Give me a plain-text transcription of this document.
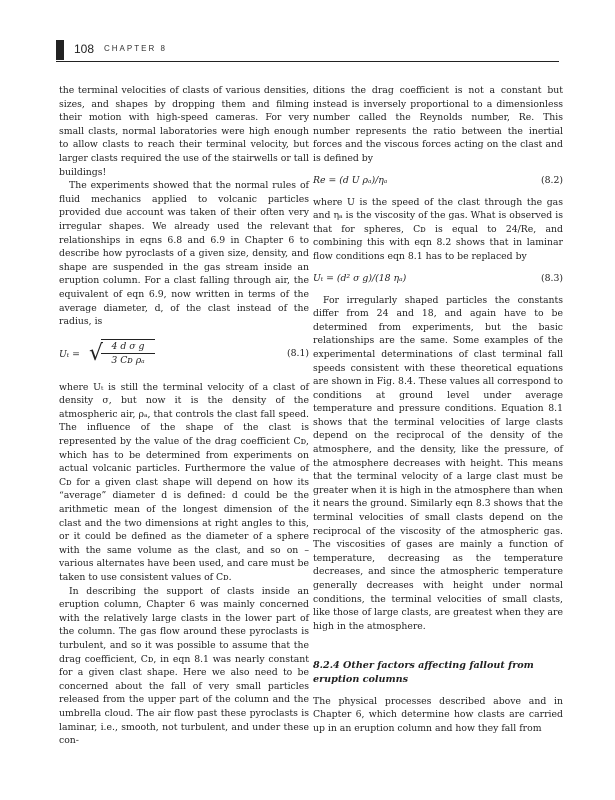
108 CHAPTER 8

the terminal velocities of clasts of various densities, sizes, and shapes by dropping them and filming their motion with high-speed cameras. For very small clasts, normal laboratories were high enough to allow clasts to reach their terminal velocity, but larger clasts required the use of the stairwells or tall buildings!

The experiments showed that the normal rules of fluid mechanics applied to volcanic particles provided due account was taken of their often very irregular shapes. We already used the relevant relationships in eqns 6.8 and 6.9 in Chapter 6 to describe how pyroclasts of a given size, density, and shape are suspended in the gas stream inside an eruption column. For a clast falling through air, the equivalent of eqn 6.9, now written in terms of the average diameter, d, of the clast instead of the radius, is

Uₜ = √
$\frac{\text{4 d σ g}}{\text{3 Cᴅ ρₐ}}$	(8.1)

where Uₜ is still the terminal velocity of a clast of density σ, but now it is the density of the atmospheric air, ρₐ, that controls the clast fall speed. The influence of the shape of the clast is represented by the value of the drag coefficient Cᴅ, which has to be determined from experiments on actual volcanic particles. Furthermore the value of Cᴅ for a given clast shape will depend on how its “average” diameter d is defined: d could be the arithmetic mean of the longest dimension of the clast and the two dimensions at right angles to this, or it could be defined as the diameter of a sphere with the same volume as the clast, and so on – various alternates have been used, and care must be taken to use consistent values of Cᴅ.

In describing the support of clasts inside an eruption column, Chapter 6 was mainly concerned with the relatively large clasts in the lower part of the column. The gas flow around these pyroclasts is turbulent, and so it was possible to assume that the drag coefficient, Cᴅ, in eqn 8.1 was nearly constant for a given clast shape. Here we also need to be concerned about the fall of very small particles released from the upper part of the column and the umbrella cloud. The air flow past these pyroclasts is laminar, i.e., smooth, not turbulent, and under these con-

ditions the drag coefficient is not a constant but instead is inversely proportional to a dimensionless number called the Reynolds number, Re. This number represents the ratio between the inertial forces and the viscous forces acting on the clast and is defined by

Re = (d U ρₐ)/ηₐ	(8.2)

where U is the speed of the clast through the gas and ηₐ is the viscosity of the gas. What is observed is that for spheres, Cᴅ is equal to 24/Re, and combining this with eqn 8.2 shows that in laminar flow conditions eqn 8.1 has to be replaced by

Uₜ = (d² σ g)/(18 ηₐ)	(8.3)

For irregularly shaped particles the constants differ from 24 and 18, and again have to be determined from experiments, but the basic relationships are the same. Some examples of the experimental determinations of clast terminal fall speeds consistent with these theoretical equations are shown in Fig. 8.4. These values all correspond to conditions at ground level under average temperature and pressure conditions. Equation 8.1 shows that the terminal velocities of large clasts depend on the reciprocal of the density of the atmosphere, and the density, like the pressure, of the atmosphere decreases with height. This means that the terminal velocity of a large clast must be greater when it is high in the atmosphere than when it nears the ground. Similarly eqn 8.3 shows that the terminal velocities of small clasts depend on the reciprocal of the viscosity of the atmospheric gas. The viscosities of gases are mainly a function of temperature, decreasing as the temperature decreases, and since the atmospheric temperature generally decreases with height under normal conditions, the terminal velocities of small clasts, like those of large clasts, are greatest when they are high in the atmosphere.

8.2.4 Other factors affecting fallout from eruption columns

The physical processes described above and in Chapter 6, which determine how clasts are carried up in an eruption column and how they fall from
